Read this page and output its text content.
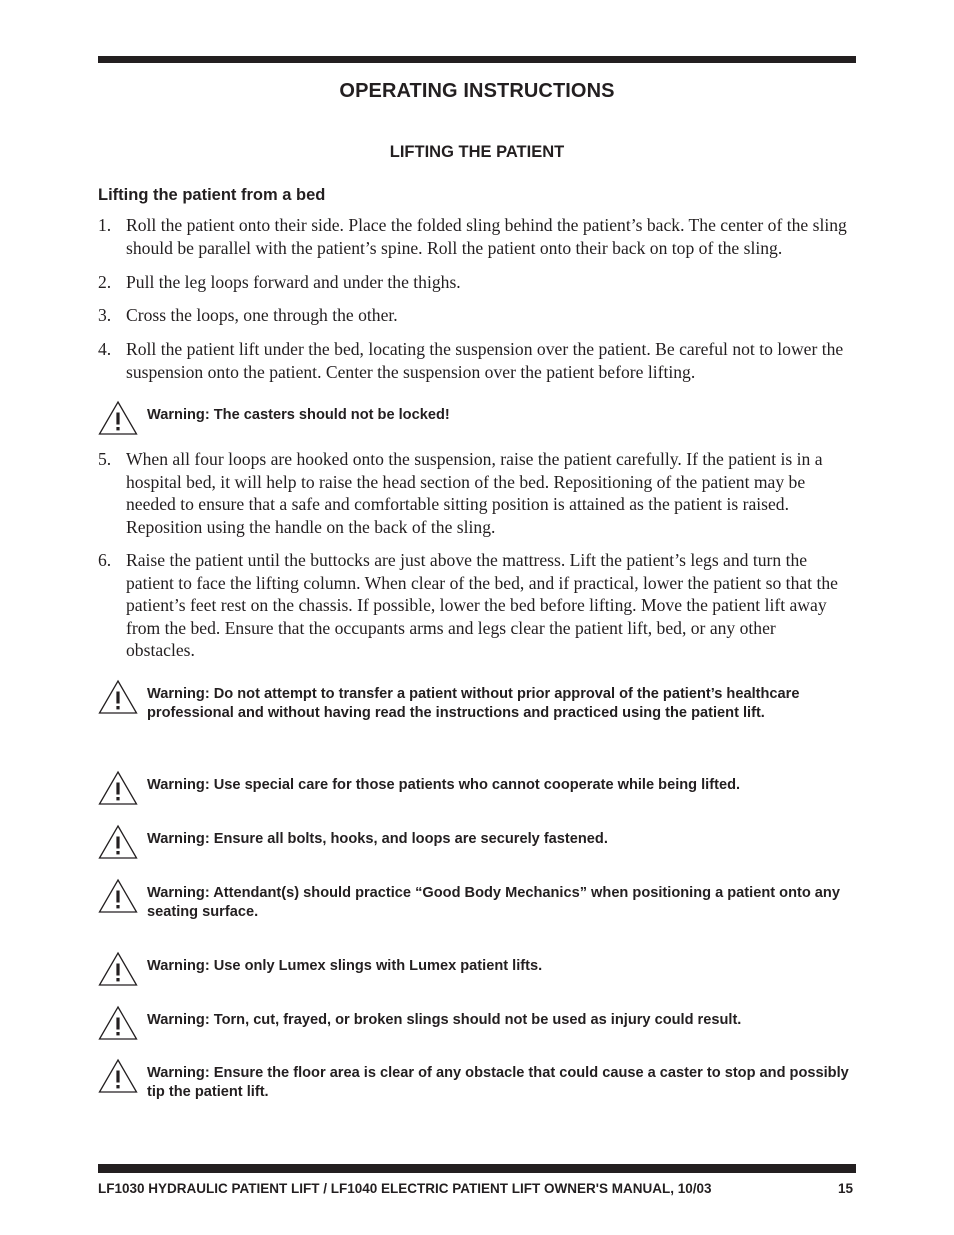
OPERATING INSTRUCTIONS
LIFTING THE PATIENT
Lifting the patient from a bed
1. Roll the patient onto their side. Place the folded sling behind the patient’s back. The center of the sling should be parallel with the patient’s spine. Roll the patient onto their back on top of the sling.
2. Pull the leg loops forward and under the thighs.
3. Cross the loops, one through the other.
4. Roll the patient lift under the bed, locating the suspension over the patient. Be careful not to lower the suspension onto the patient. Center the suspension over the patient before lifting.
Warning: The casters should not be locked!
5. When all four loops are hooked onto the suspension, raise the patient carefully. If the patient is in a hospital bed, it will help to raise the head section of the bed. Repositioning of the patient may be needed to ensure that a safe and comfortable sitting position is attained as the patient is raised. Reposition using the handle on the back of the sling.
6. Raise the patient until the buttocks are just above the mattress. Lift the patient’s legs and turn the patient to face the lifting column. When clear of the bed, and if practical, lower the patient so that the patient’s feet rest on the chassis. If possible, lower the bed before lifting. Move the patient lift away from the bed. Ensure that the occupants arms and legs clear the patient lift, bed, or any other obstacles.
Warning: Do not attempt to transfer a patient without prior approval of the patient’s healthcare professional and without having read the instructions and practiced using the patient lift.
Warning: Use special care for those patients who cannot cooperate while being lifted.
Warning: Ensure all bolts, hooks, and loops are securely fastened.
Warning: Attendant(s) should practice “Good Body Mechanics” when positioning a patient onto any seating surface.
Warning: Use only Lumex slings with Lumex patient lifts.
Warning: Torn, cut, frayed, or broken slings should not be used as injury could result.
Warning: Ensure the floor area is clear of any obstacle that could cause a caster to stop and possibly tip the patient lift.
LF1030 HYDRAULIC PATIENT LIFT / LF1040 ELECTRIC PATIENT LIFT OWNER'S MANUAL, 10/03	15
